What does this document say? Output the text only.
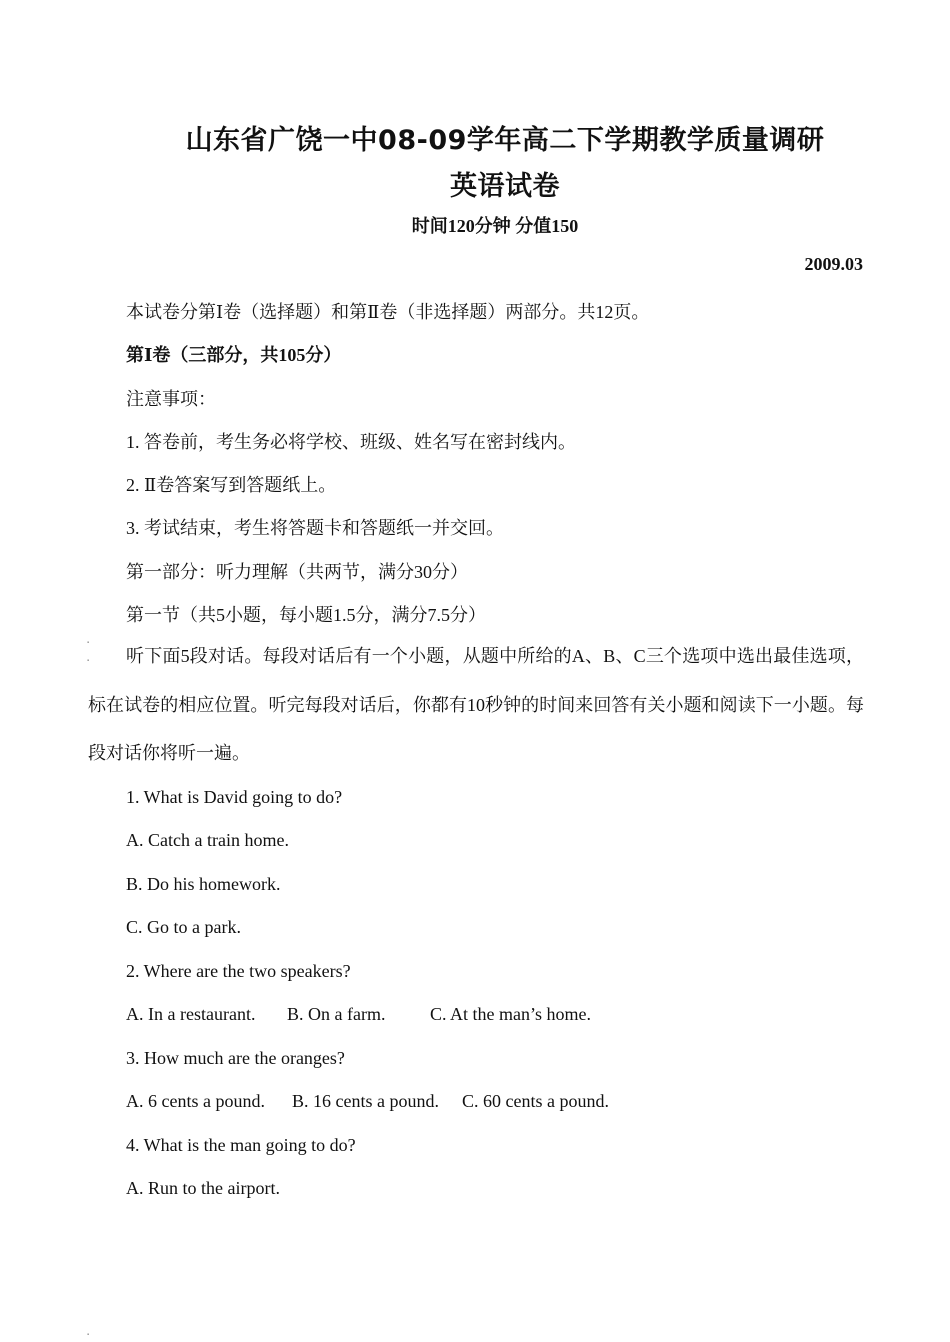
山东省广饶一中08-09学年高二下学期教学质量调研
英语试卷
时间120分钟 分值150
2009.03
本试卷分第Ⅰ卷（选择题）和第Ⅱ卷（非选择题）两部分。共12页。
第Ⅰ卷（三部分，共105分）
注意事项：
1. 答卷前，考生务必将学校、班级、姓名写在密封线内。
2. Ⅱ卷答案写到答题纸上。
3. 考试结束，考生将答题卡和答题纸一并交回。
第一部分：听力理解（共两节，满分30分）
第一节（共5小题，每小题1.5分，满分7.5分）
▪
▪	听下面5段对话。每段对话后有一个小题，从题中所给的A、B、C三个选项中选出最佳选项，标在试卷的相应位置。听完每段对话后，你都有10秒钟的时间来回答有关小题和阅读下一小题。每段对话你将听一遍。
1. What is David going to do?
A. Catch a train home.
B. Do his homework.
C. Go to a park.
2. Where are the two speakers?
A. In a restaurant. B. On a farm. C. At the man’s home.
3. How much are the oranges?
A. 6 cents a pound. B. 16 cents a pound. C. 60 cents a pound.
4. What is the man going to do?
A. Run to the airport.
▪
